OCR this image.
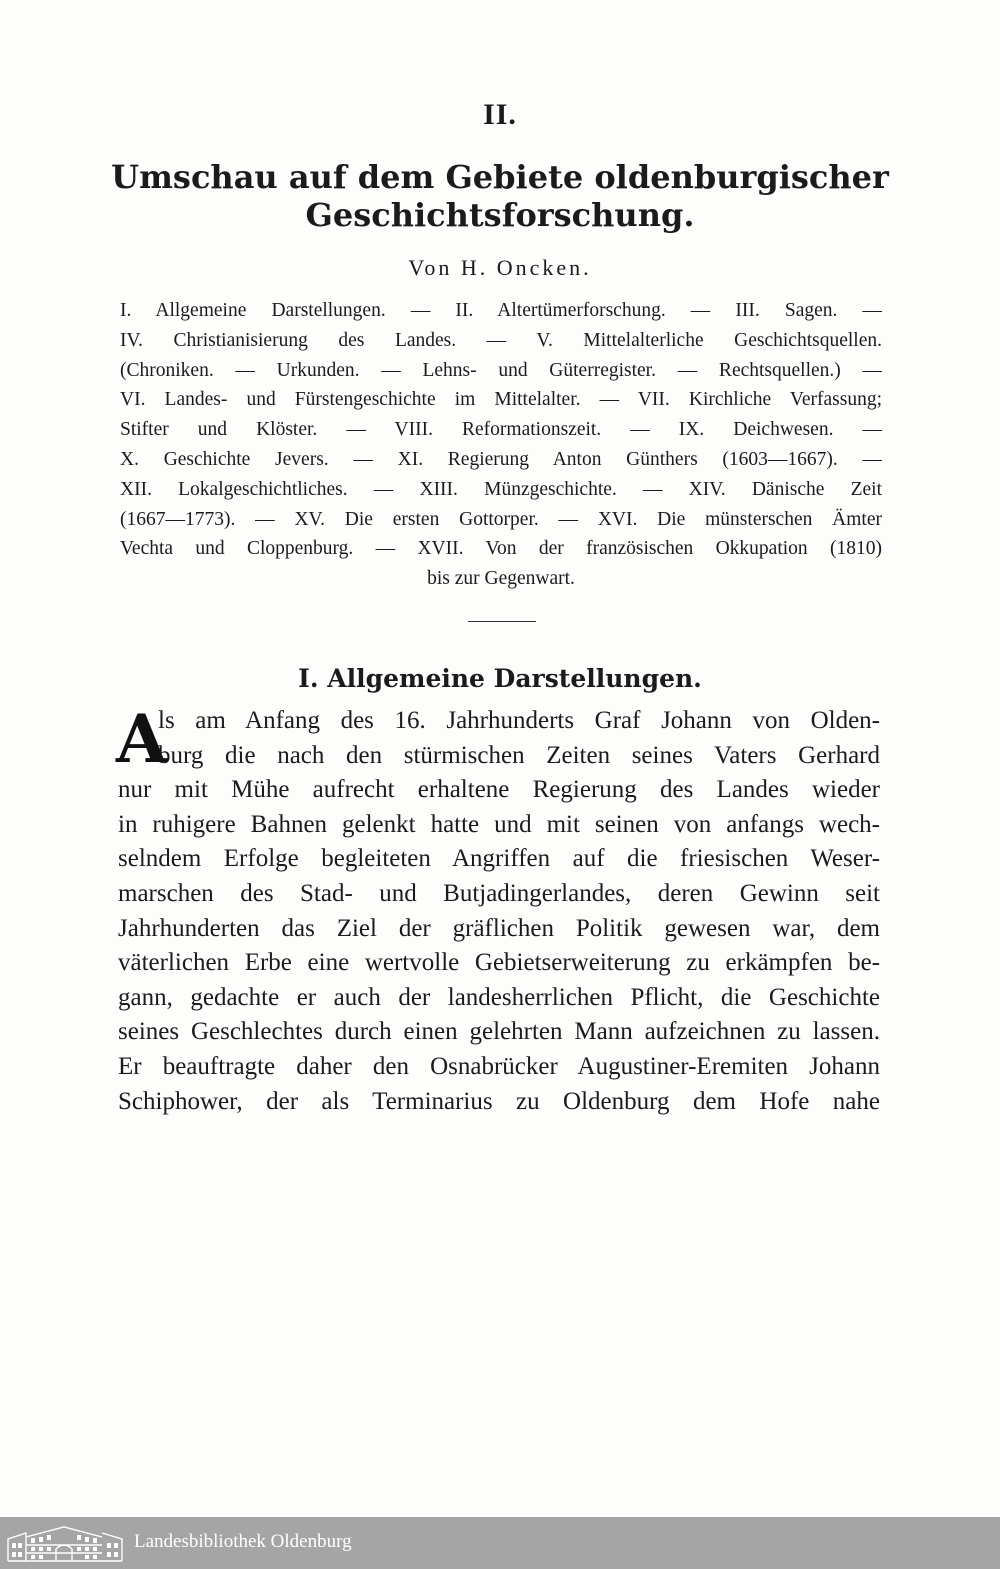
II.
Umschau auf dem Gebiete oldenburgischer
Geschichtsforschung.
Von H. Oncken.
I. Allgemeine Darstellungen. — II. Altertümerforschung. — III. Sagen. —
IV. Christianisierung des Landes. — V. Mittelalterliche Geschichtsquellen.
(Chroniken. — Urkunden. — Lehns- und Güterregister. — Rechtsquellen.) —
VI. Landes- und Fürstengeschichte im Mittelalter. — VII. Kirchliche Verfassung;
Stifter und Klöster. — VIII. Reformationszeit. — IX. Deichwesen. —
X. Geschichte Jevers. — XI. Regierung Anton Günthers (1603—1667). —
XII. Lokalgeschichtliches. — XIII. Münzgeschichte. — XIV. Dänische Zeit
(1667—1773). — XV. Die ersten Gottorper. — XVI. Die münsterschen Ämter
Vechta und Cloppenburg. — XVII. Von der französischen Okkupation (1810)
bis zur Gegenwart.
I. Allgemeine Darstellungen.
A
ls am Anfang des 16. Jahrhunderts Graf Johann von Olden-
burg die nach den stürmischen Zeiten seines Vaters Gerhard
nur mit Mühe aufrecht erhaltene Regierung des Landes wieder
in ruhigere Bahnen gelenkt hatte und mit seinen von anfangs wech-
selndem Erfolge begleiteten Angriffen auf die friesischen Weser-
marschen des Stad- und Butjadingerlandes, deren Gewinn seit
Jahrhunderten das Ziel der gräflichen Politik gewesen war, dem
väterlichen Erbe eine wertvolle Gebietserweiterung zu erkämpfen be-
gann, gedachte er auch der landesherrlichen Pflicht, die Geschichte
seines Geschlechtes durch einen gelehrten Mann aufzeichnen zu lassen.
Er beauftragte daher den Osnabrücker Augustiner-Eremiten Johann
Schiphower, der als Terminarius zu Oldenburg dem Hofe nahe
Landesbibliothek Oldenburg
